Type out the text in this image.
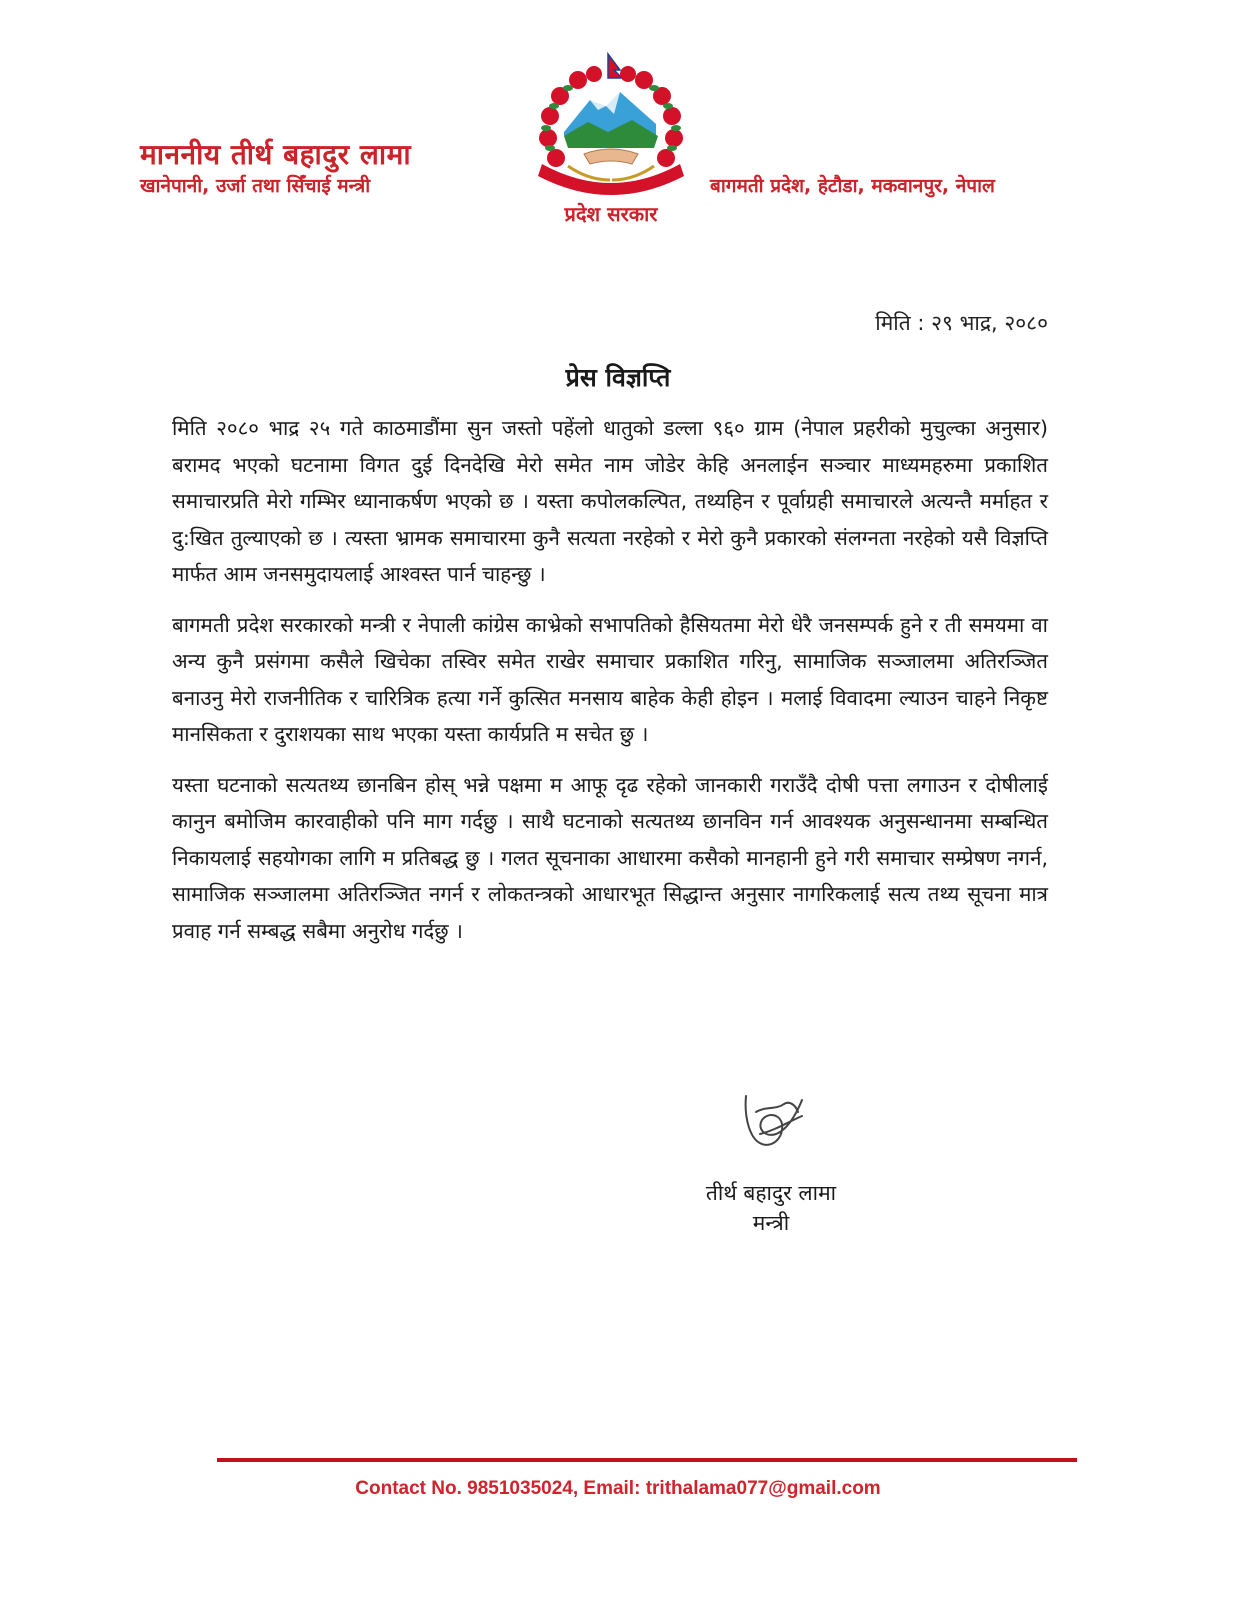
माननीय तीर्थ बहादुर लामा
खानेपानी, उर्जा तथा सिँचाई मन्त्री
प्रदेश सरकार
बागमती प्रदेश, हेटौडा, मकवानपुर, नेपाल
मिति : २९ भाद्र, २०८०
प्रेस विज्ञप्ति

मिति २०८० भाद्र २५ गते काठमाडौंमा सुन जस्तो पहेंलो धातुको डल्ला ९६० ग्राम (नेपाल प्रहरीको मुचुल्का अनुसार) बरामद भएको घटनामा विगत दुई दिनदेखि मेरो समेत नाम जोडेर केहि अनलाईन सञ्चार माध्यमहरुमा प्रकाशित समाचारप्रति मेरो गम्भिर ध्यानाकर्षण भएको छ । यस्ता कपोलकल्पित, तथ्यहिन र पूर्वाग्रही समाचारले अत्यन्तै मर्माहत र दु:खित तुल्याएको छ । त्यस्ता भ्रामक समाचारमा कुनै सत्यता नरहेको र मेरो कुनै प्रकारको संलग्नता नरहेको यसै विज्ञप्ति मार्फत आम जनसमुदायलाई आश्वस्त पार्न चाहन्छु ।

बागमती प्रदेश सरकारको मन्त्री र नेपाली कांग्रेस काभ्रेको सभापतिको हैसियतमा मेरो धेरै जनसम्पर्क हुने र ती समयमा वा अन्य कुनै प्रसंगमा कसैले खिचेका तस्विर समेत राखेर समाचार प्रकाशित गरिनु, सामाजिक सञ्जालमा अतिरञ्जित बनाउनु मेरो राजनीतिक र चारित्रिक हत्या गर्ने कुत्सित मनसाय बाहेक केही होइन । मलाई विवादमा ल्याउन चाहने निकृष्ट मानसिकता र दुराशयका साथ भएका यस्ता कार्यप्रति म सचेत छु ।

यस्ता घटनाको सत्यतथ्य छानबिन होस् भन्ने पक्षमा म आफू दृढ रहेको जानकारी गराउँदै दोषी पत्ता लगाउन र दोषीलाई कानुन बमोजिम कारवाहीको पनि माग गर्दछु । साथै घटनाको सत्यतथ्य छानविन गर्न आवश्यक अनुसन्धानमा सम्बन्धित निकायलाई सहयोगका लागि म प्रतिबद्ध छु । गलत सूचनाका आधारमा कसैको मानहानी हुने गरी समाचार सम्प्रेषण नगर्न, सामाजिक सञ्जालमा अतिरञ्जित नगर्न र लोकतन्त्रको आधारभूत सिद्धान्त अनुसार नागरिकलाई सत्य तथ्य सूचना मात्र प्रवाह गर्न सम्बद्ध सबैमा अनुरोध गर्दछु ।

तीर्थ बहादुर लामा
मन्त्री
Contact No. 9851035024, Email: trithalama077@gmail.com
